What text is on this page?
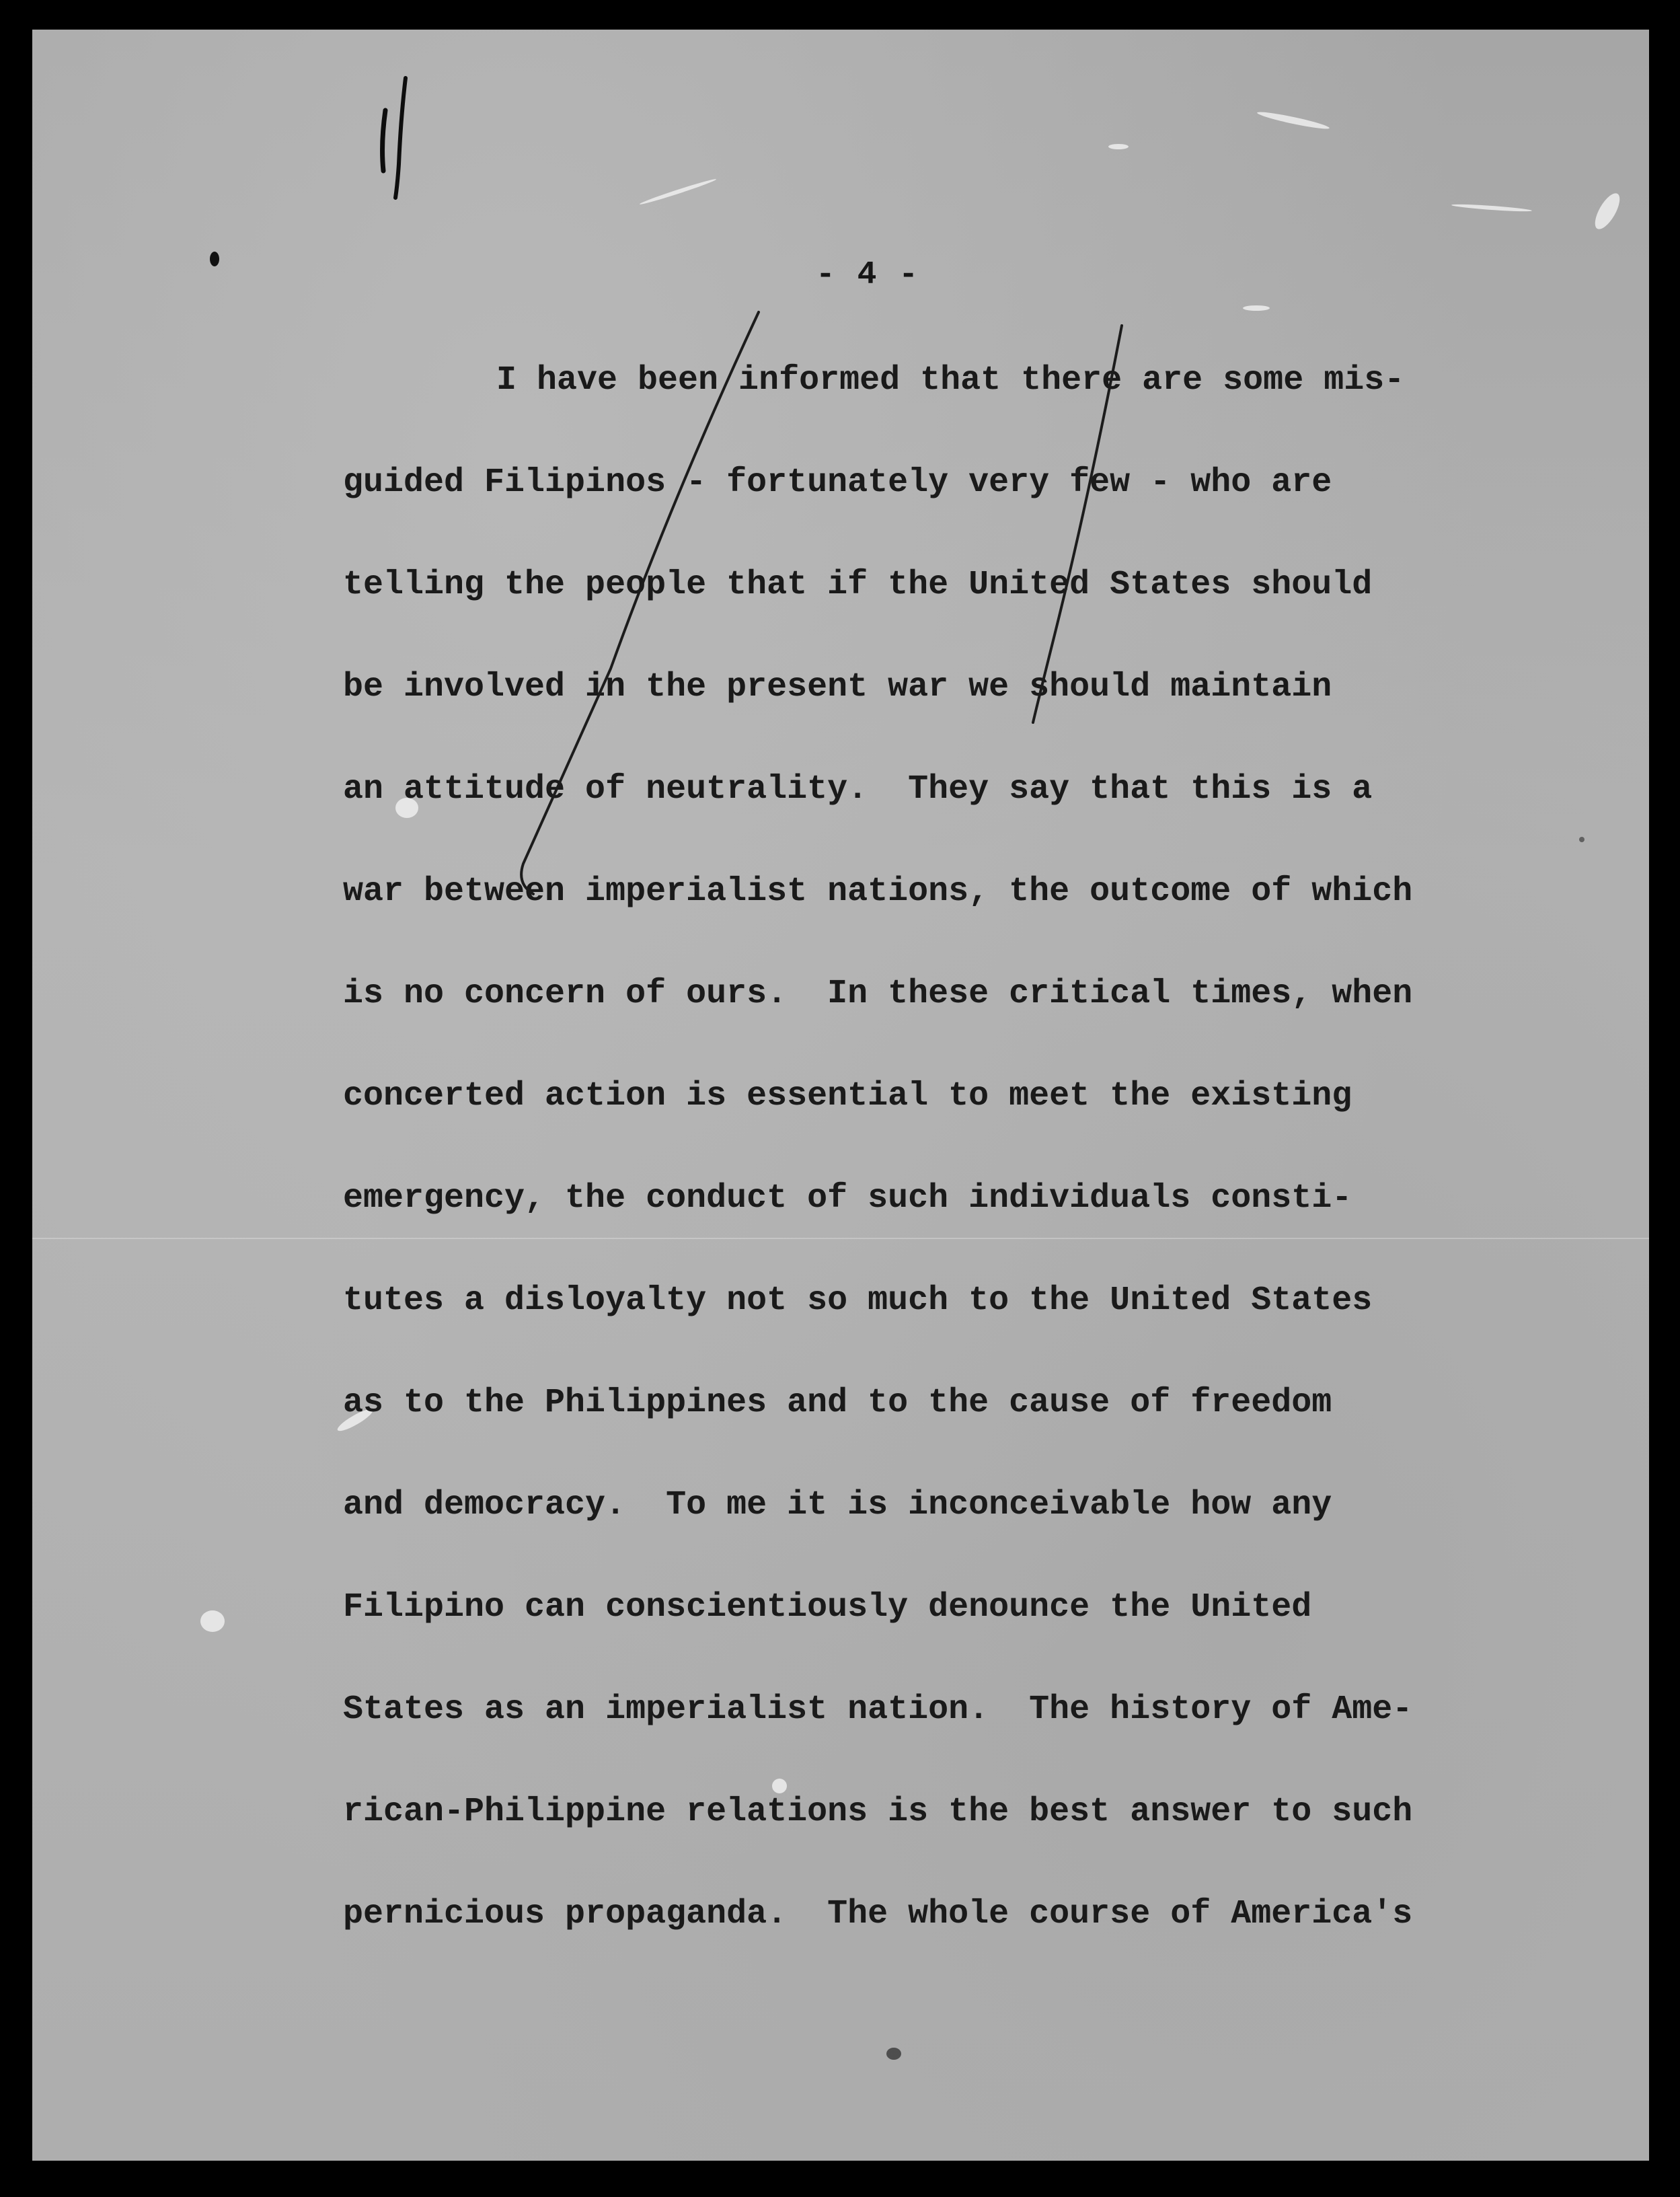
- 4 -
I have been informed that there are some mis-
guided Filipinos - fortunately very few - who are
telling the people that if the United States should
be involved in the present war we should maintain
an attitude of neutrality.  They say that this is a
war between imperialist nations, the outcome of which
is no concern of ours.  In these critical times, when
concerted action is essential to meet the existing
emergency, the conduct of such individuals consti-
tutes a disloyalty not so much to the United States
as to the Philippines and to the cause of freedom
and democracy.  To me it is inconceivable how any
Filipino can conscientiously denounce the United
States as an imperialist nation.  The history of Ame-
rican-Philippine relations is the best answer to such
pernicious propaganda.  The whole course of America's
